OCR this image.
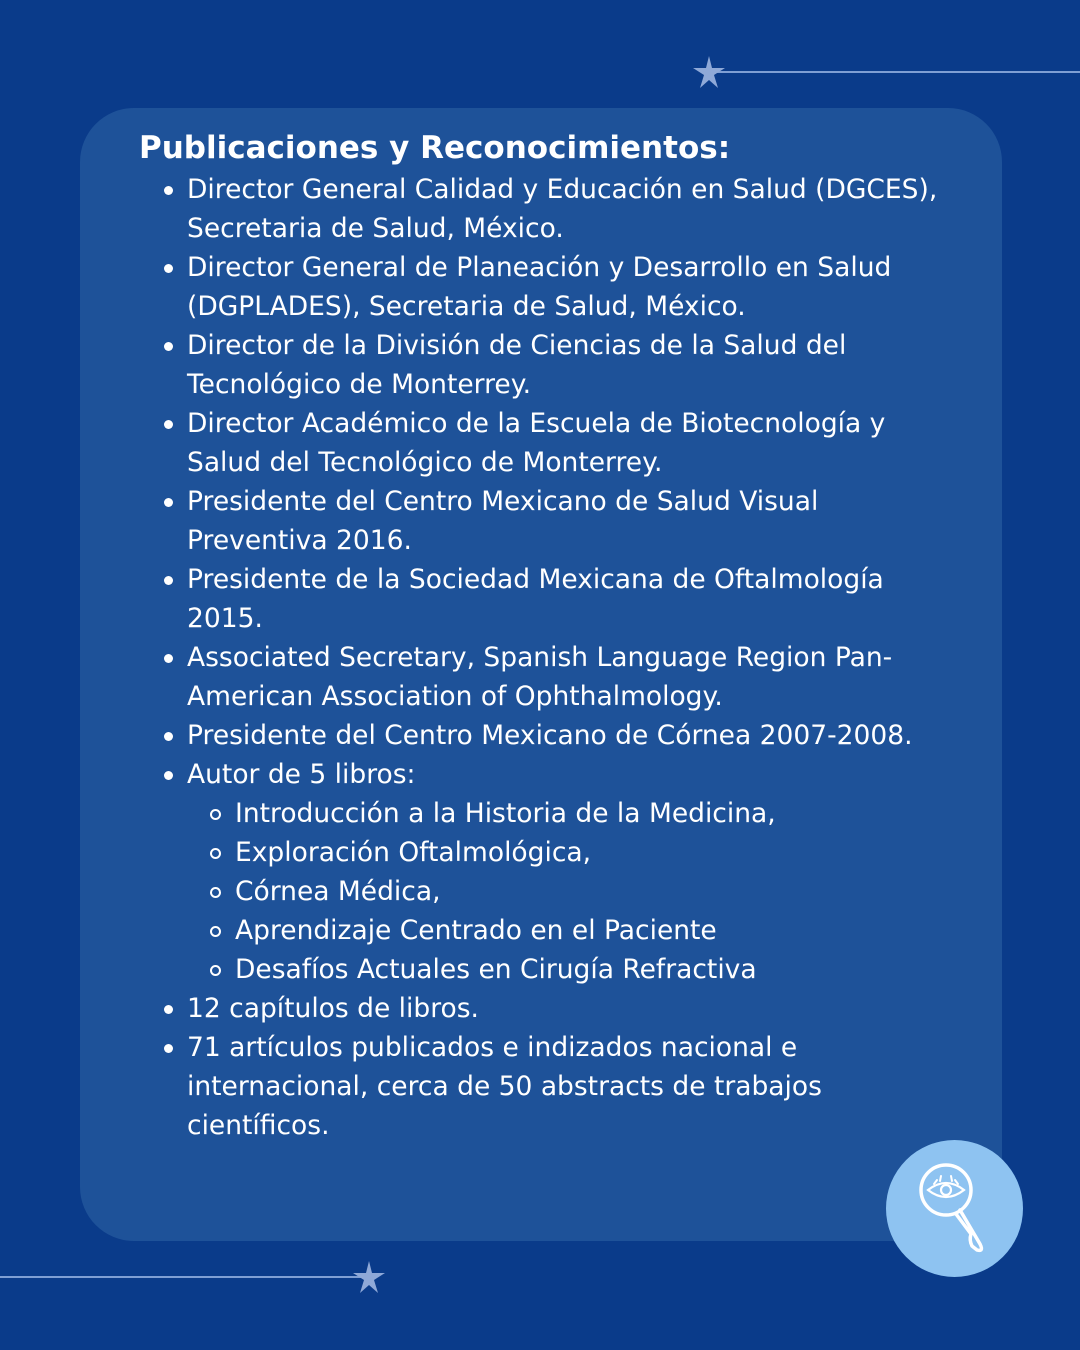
Publicaciones y Reconocimientos:
Director General Calidad y Educación en Salud (DGCES), Secretaria de Salud, México.
Director General de Planeación y Desarrollo en Salud (DGPLADES), Secretaria de Salud, México.
Director de la División de Ciencias de la Salud del Tecnológico de Monterrey.
Director Académico de la Escuela de Biotecnología y Salud del Tecnológico de Monterrey.
Presidente del Centro Mexicano de Salud Visual Preventiva 2016.
Presidente de la Sociedad Mexicana de Oftalmología 2015.
Associated Secretary, Spanish Language Region Pan-American Association of Ophthalmology.
Presidente del Centro Mexicano de Córnea 2007-2008.
Autor de 5 libros:
Introducción a la Historia de la Medicina,
Exploración Oftalmológica,
Córnea Médica,
Aprendizaje Centrado en el Paciente
Desafíos Actuales en Cirugía Refractiva
12 capítulos de libros.
71 artículos publicados e indizados nacional e internacional, cerca de 50 abstracts de trabajos científicos.
